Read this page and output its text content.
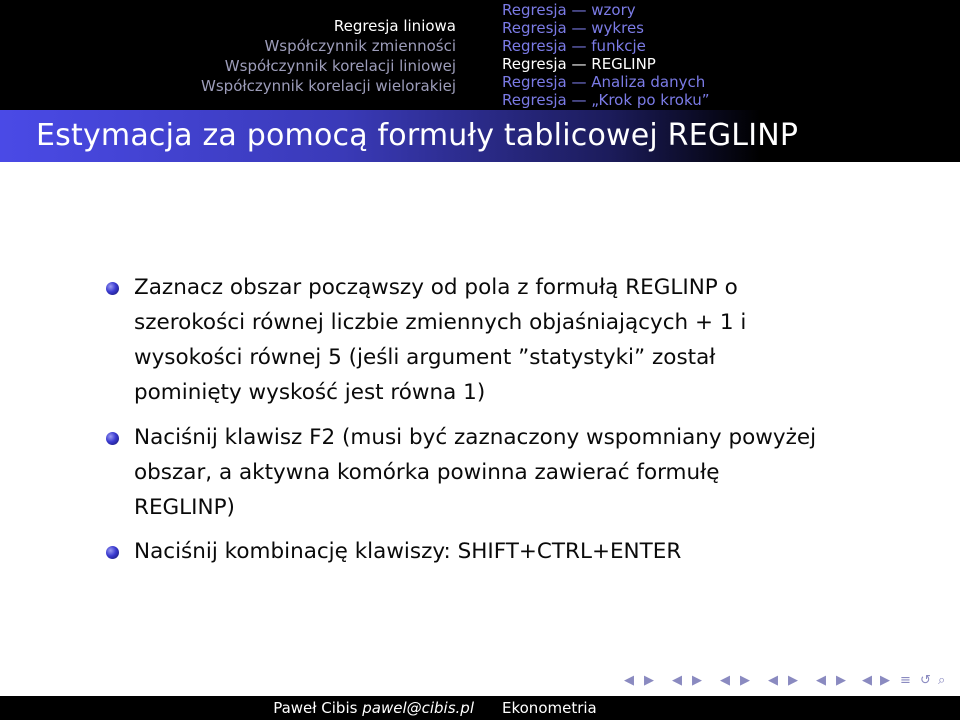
Regresja liniowa
Współczynnik zmienności
Współczynnik korelacji liniowej
Współczynnik korelacji wielorakiej
Regresja — wzory
Regresja — wykres
Regresja — funkcje
Regresja — REGLINP
Regresja — Analiza danych
Regresja — „Krok po kroku”
Estymacja za pomocą formuły tablicowej REGLINP
Zaznacz obszar począwszy od pola z formułą REGLINP o szerokości równej liczbie zmiennych objaśniających + 1 i wysokości równej 5 (jeśli argument ”statystyki” został pominięty wyskość jest równa 1)
Naciśnij klawisz F2 (musi być zaznaczony wspomniany powyżej obszar, a aktywna komórka powinna zawierać formułę REGLINP)
Naciśnij kombinację klawiszy: SHIFT+CTRL+ENTER
◀ ▶ ◀ ▶ ◀ ▶ ◀ ▶ ◀ ▶ ◀ ▶ ≡ ↺ ⌕
Paweł Cibis pawel@cibis.pl Ekonometria
